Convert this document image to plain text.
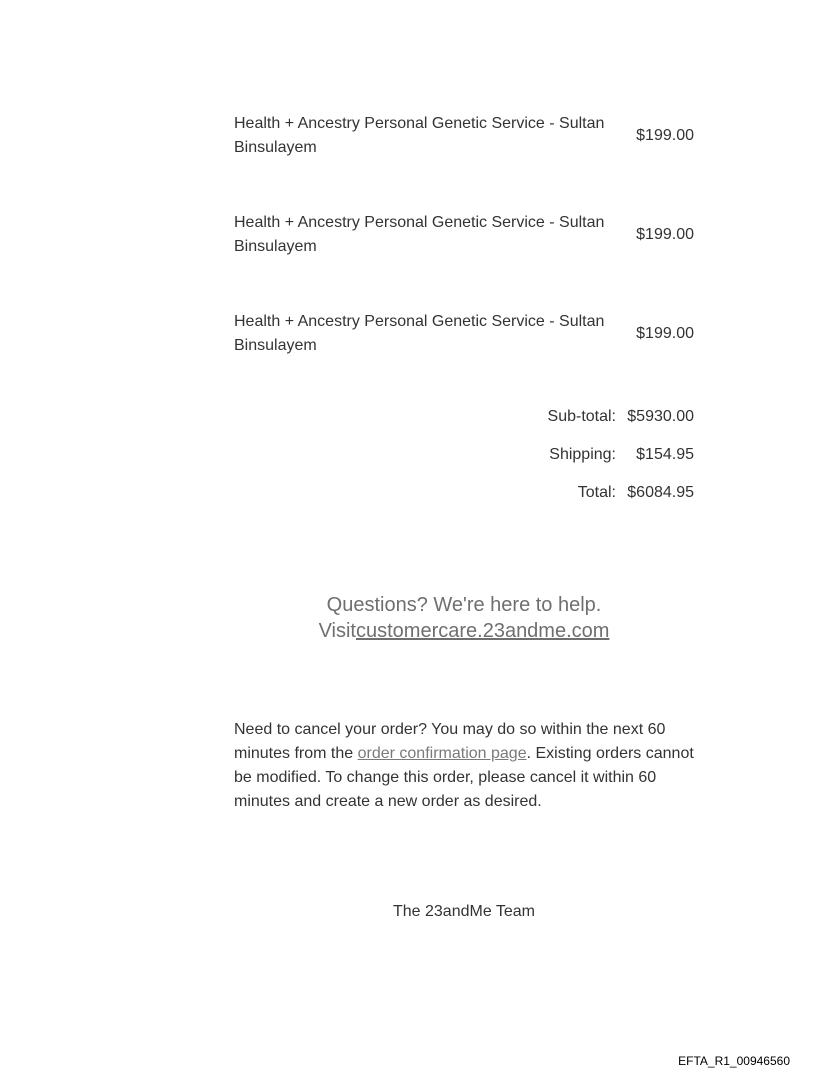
Health + Ancestry Personal Genetic Service - Sultan Binsulayem
$199.00
Health + Ancestry Personal Genetic Service - Sultan Binsulayem
$199.00
Health + Ancestry Personal Genetic Service - Sultan Binsulayem
$199.00
Sub-total: $5930.00
Shipping:	$154.95
Total: $6084.95
Questions? We're here to help.
Visitcustomercare.23andme.com
Need to cancel your order? You may do so within the next 60 minutes from the order confirmation page. Existing orders cannot be modified. To change this order, please cancel it within 60 minutes and create a new order as desired.
The 23andMe Team
EFTA_R1_00946560
